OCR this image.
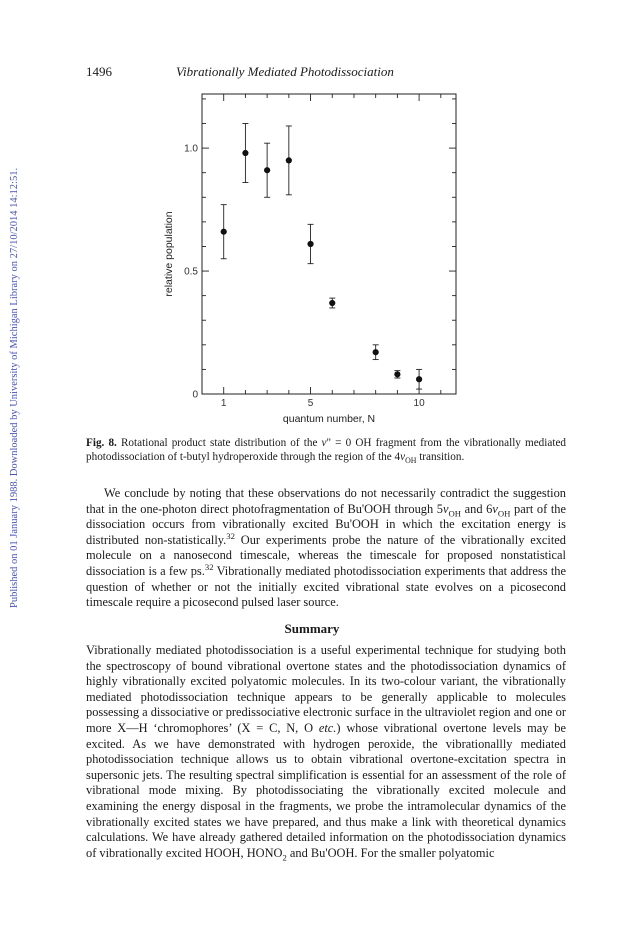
Published on 01 January 1988. Downloaded by University of Michigan Library on 27/10/2014 14:12:51.
1496	Vibrationally Mediated Photodissociation
1	5	10
0
0.5
1.0
quantum number, N
relative population
Fig. 8. Rotational product state distribution of the v" = 0 OH fragment from the vibrationally mediated photodissociation of t-butyl hydroperoxide through the region of the $4\nu_{OH}$ transition.

We conclude by noting that these observations do not necessarily contradict the suggestion that in the one-photon direct photofragmentation of Bu'OOH through $5\nu_{OH}$ and $6\nu_{OH}$ part of the dissociation occurs from vibrationally excited Bu'OOH in which the excitation energy is distributed non-statistically.$^{32}$ Our experiments probe the nature of the vibrationally excited molecule on a nanosecond timescale, whereas the timescale for proposed nonstatistical dissociation is a few ps.$^{32}$ Vibrationally mediated photodissociation experiments that address the question of whether or not the initially excited vibrational state evolves on a picosecond timescale require a picosecond pulsed laser source.

Summary

Vibrationally mediated photodissociation is a useful experimental technique for studying both the spectroscopy of bound vibrational overtone states and the photodissociation dynamics of highly vibrationally excited polyatomic molecules. In its two-colour variant, the vibrationally mediated photodissociation technique appears to be generally applicable to molecules possessing a dissociative or predissociative electronic surface in the ultraviolet region and one or more X—H ‘chromophores’ (X = C, N, O etc.) whose vibrational overtone levels may be excited. As we have demonstrated with hydrogen peroxide, the vibrationallly mediated photodissociation technique allows us to obtain vibrational overtone-excitation spectra in supersonic jets. The resulting spectral simplification is essential for an assessment of the role of vibrational mode mixing. By photodissociating the vibrationally excited molecule and examining the energy disposal in the fragments, we probe the intramolecular dynamics of the vibrationally excited states we have prepared, and thus make a link with theoretical dynamics calculations. We have already gathered detailed information on the photodissociation dynamics of vibrationally excited HOOH, $HONO_2$ and Bu'OOH. For the smaller polyatomic
